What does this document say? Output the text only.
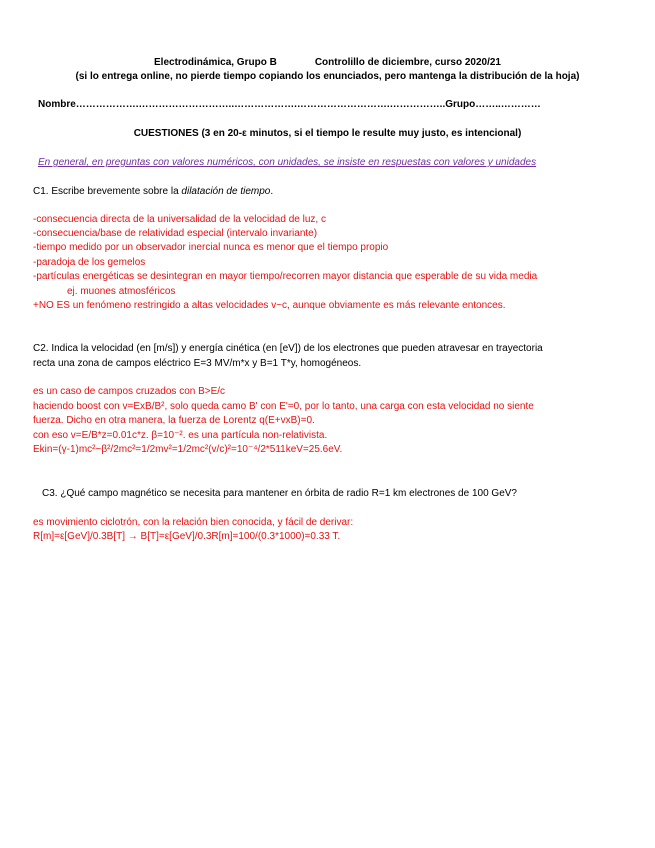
Electrodinámica, Grupo B	Controlillo de diciembre, curso 2020/21
(si lo entrega online, no pierde tiempo copiando los enunciados, pero mantenga la distribución de la hoja)
Nombre……………….………………………..……………….……………………….……………..Grupo……..…………
CUESTIONES (3 en 20-ε minutos, si el tiempo le resulte muy justo, es intencional)
En general, en preguntas con valores numéricos, con unidades, se insiste en respuestas con valores y unidades
C1. Escribe brevemente sobre la dilatación de tiempo.
-consecuencia directa de la universalidad de la velocidad de luz, c
-consecuencia/base de relatividad especial (intervalo invariante)
-tiempo medido por un observador inercial nunca es menor que el tiempo propio
-paradoja de los gemelos
-partículas energéticas se desintegran en mayor tiempo/recorren mayor distancia que esperable de su vida media
ej. muones atmosféricos
+NO ES un fenómeno restringido a altas velocidades v~c, aunque obviamente es más relevante entonces.
C2. Indica la velocidad (en [m/s]) y energía cinética (en [eV]) de los electrones que pueden atravesar en trayectoria
recta una zona de campos eléctrico E=3 MV/m*x y B=1 T*y, homogéneos.
es un caso de campos cruzados con B>E/c
haciendo boost con v=ExB/B², solo queda camo B' con E'=0, por lo tanto, una carga con esta velocidad no siente
fuerza. Dicho en otra manera, la fuerza de Lorentz q(E+vxB)=0.
con eso v=E/B*z=0.01c*z. β=10⁻². es una partícula non-relativista.
Ekin=(γ-1)mc²~β²/2mc²=1/2mv²=1/2mc²(v/c)²=10⁻⁴/2*511keV=25.6eV.
C3. ¿Qué campo magnético se necesita para mantener en órbita de radio R=1 km electrones de 100 GeV?
es movimiento ciclotrón, con la relación bien conocida, y fácil de derivar:
R[m]=ε[GeV]/0.3B[T] → B[T]=ε[GeV]/0.3R[m]=100/(0.3*1000)=0.33 T.
